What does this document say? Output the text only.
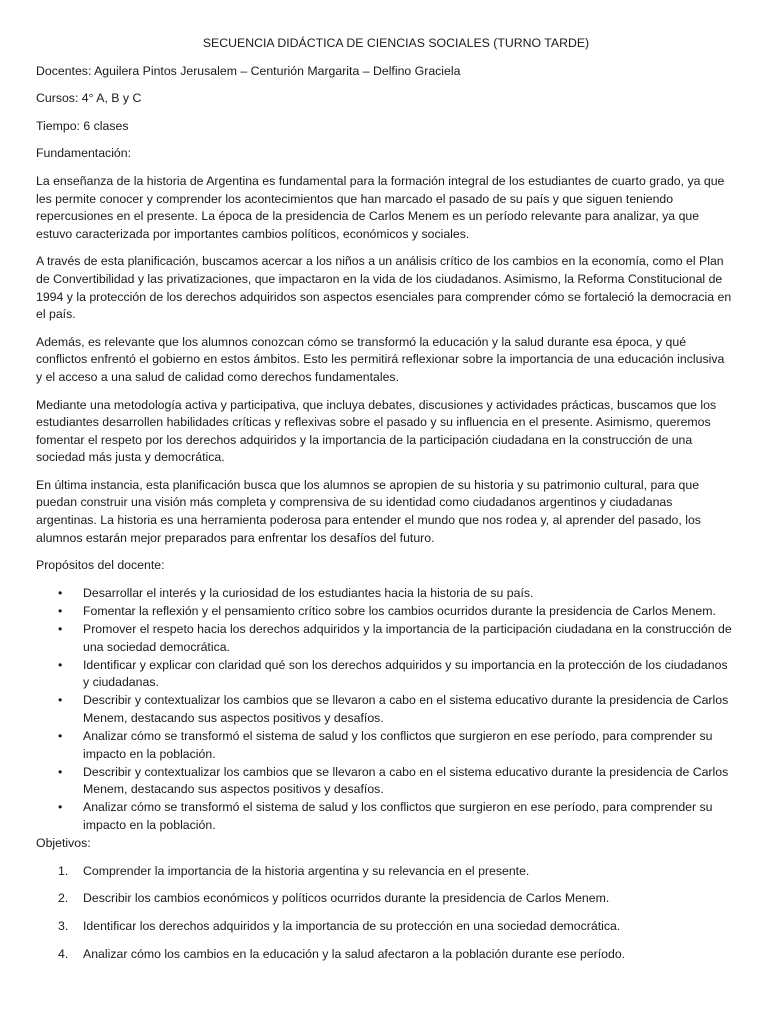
SECUENCIA DIDÁCTICA DE CIENCIAS SOCIALES (TURNO TARDE)
Docentes: Aguilera Pintos Jerusalem – Centurión Margarita – Delfino Graciela
Cursos: 4° A, B y C
Tiempo: 6 clases
Fundamentación:

La enseñanza de la historia de Argentina es fundamental para la formación integral de los estudiantes de cuarto grado, ya que les permite conocer y comprender los acontecimientos que han marcado el pasado de su país y que siguen teniendo repercusiones en el presente. La época de la presidencia de Carlos Menem es un período relevante para analizar, ya que estuvo caracterizada por importantes cambios políticos, económicos y sociales.

A través de esta planificación, buscamos acercar a los niños a un análisis crítico de los cambios en la economía, como el Plan de Convertibilidad y las privatizaciones, que impactaron en la vida de los ciudadanos. Asimismo, la Reforma Constitucional de 1994 y la protección de los derechos adquiridos son aspectos esenciales para comprender cómo se fortaleció la democracia en el país.

Además, es relevante que los alumnos conozcan cómo se transformó la educación y la salud durante esa época, y qué conflictos enfrentó el gobierno en estos ámbitos. Esto les permitirá reflexionar sobre la importancia de una educación inclusiva y el acceso a una salud de calidad como derechos fundamentales.

Mediante una metodología activa y participativa, que incluya debates, discusiones y actividades prácticas, buscamos que los estudiantes desarrollen habilidades críticas y reflexivas sobre el pasado y su influencia en el presente. Asimismo, queremos fomentar el respeto por los derechos adquiridos y la importancia de la participación ciudadana en la construcción de una sociedad más justa y democrática.

En última instancia, esta planificación busca que los alumnos se apropien de su historia y su patrimonio cultural, para que puedan construir una visión más completa y comprensiva de su identidad como ciudadanos argentinos y ciudadanas argentinas. La historia es una herramienta poderosa para entender el mundo que nos rodea y, al aprender del pasado, los alumnos estarán mejor preparados para enfrentar los desafíos del futuro.

Propósitos del docente:
• Desarrollar el interés y la curiosidad de los estudiantes hacia la historia de su país.
• Fomentar la reflexión y el pensamiento crítico sobre los cambios ocurridos durante la presidencia de Carlos Menem.
• Promover el respeto hacia los derechos adquiridos y la importancia de la participación ciudadana en la construcción de una sociedad democrática.
• Identificar y explicar con claridad qué son los derechos adquiridos y su importancia en la protección de los ciudadanos y ciudadanas.
• Describir y contextualizar los cambios que se llevaron a cabo en el sistema educativo durante la presidencia de Carlos Menem, destacando sus aspectos positivos y desafíos.
• Analizar cómo se transformó el sistema de salud y los conflictos que surgieron en ese período, para comprender su impacto en la población.
• Describir y contextualizar los cambios que se llevaron a cabo en el sistema educativo durante la presidencia de Carlos Menem, destacando sus aspectos positivos y desafíos.
• Analizar cómo se transformó el sistema de salud y los conflictos que surgieron en ese período, para comprender su impacto en la población.
Objetivos:
1. Comprender la importancia de la historia argentina y su relevancia en el presente.
2. Describir los cambios económicos y políticos ocurridos durante la presidencia de Carlos Menem.
3. Identificar los derechos adquiridos y la importancia de su protección en una sociedad democrática.
4. Analizar cómo los cambios en la educación y la salud afectaron a la población durante ese período.
